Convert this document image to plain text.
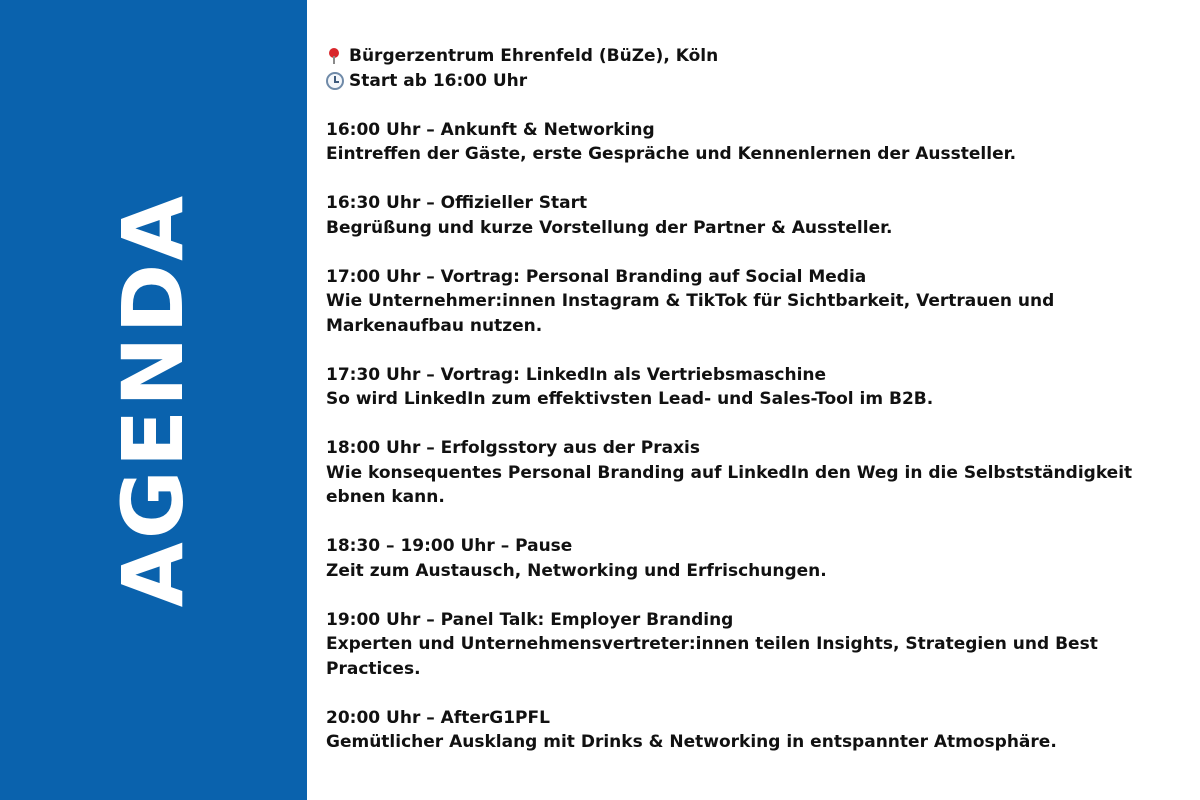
AGENDA
Bürgerzentrum Ehrenfeld (BüZe), Köln
Start ab 16:00 Uhr
16:00 Uhr – Ankunft & Networking
Eintreffen der Gäste, erste Gespräche und Kennenlernen der Aussteller.
16:30 Uhr – Offizieller Start
Begrüßung und kurze Vorstellung der Partner & Aussteller.
17:00 Uhr – Vortrag: Personal Branding auf Social Media
Wie Unternehmer:innen Instagram & TikTok für Sichtbarkeit, Vertrauen und Markenaufbau nutzen.
17:30 Uhr – Vortrag: LinkedIn als Vertriebsmaschine
So wird LinkedIn zum effektivsten Lead- und Sales-Tool im B2B.
18:00 Uhr – Erfolgsstory aus der Praxis
Wie konsequentes Personal Branding auf LinkedIn den Weg in die Selbstständigkeit ebnen kann.
18:30 – 19:00 Uhr – Pause
Zeit zum Austausch, Networking und Erfrischungen.
19:00 Uhr – Panel Talk: Employer Branding
Experten und Unternehmensvertreter:innen teilen Insights, Strategien und Best Practices.
20:00 Uhr – AfterG1PFL
Gemütlicher Ausklang mit Drinks & Networking in entspannter Atmosphäre.
